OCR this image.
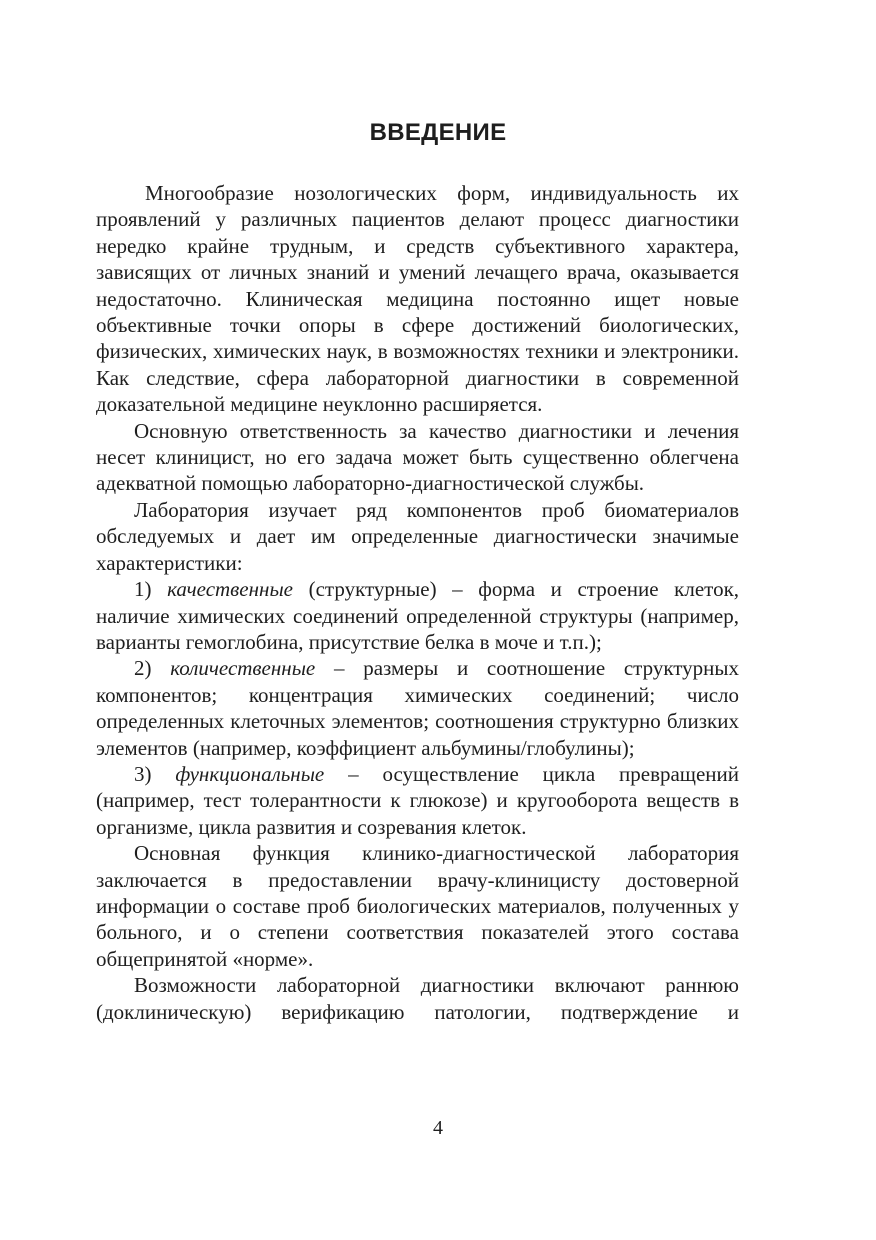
ВВЕДЕНИЕ

Многообразие нозологических форм, индивидуальность их проявлений у различных пациентов делают процесс диагностики нередко крайне трудным, и средств субъективного характера, зависящих от личных знаний и умений лечащего врача, оказывается недостаточно. Клиническая медицина постоянно ищет новые объективные точки опоры в сфере достижений биологических, физических, химических наук, в возможностях техники и электроники. Как следствие, сфера лабораторной диагностики в современной доказательной медицине неуклонно расширяется.

Основную ответственность за качество диагностики и лечения несет клиницист, но его задача может быть существенно облегчена адекватной помощью лабораторно-диагностической службы.

Лаборатория изучает ряд компонентов проб биоматериалов обследуемых и дает им определенные диагностически значимые характеристики:

1) качественные (структурные) – форма и строение клеток, наличие химических соединений определенной структуры (например, варианты гемоглобина, присутствие белка в моче и т.п.);

2) количественные – размеры и соотношение структурных компонентов; концентрация химических соединений; число определенных клеточных элементов; соотношения структурно близких элементов (например, коэффициент альбумины/глобулины);

3) функциональные – осуществление цикла превращений (например, тест толерантности к глюкозе) и кругооборота веществ в организме, цикла развития и созревания клеток.

Основная функция клинико-диагностической лаборатория заключается в предоставлении врачу-клиницисту достоверной информации о составе проб биологических материалов, полученных у больного, и о степени соответствия показателей этого состава общепринятой «норме».

Возможности лабораторной диагностики включают раннюю (доклиническую) верификацию патологии, подтверждение и

4
